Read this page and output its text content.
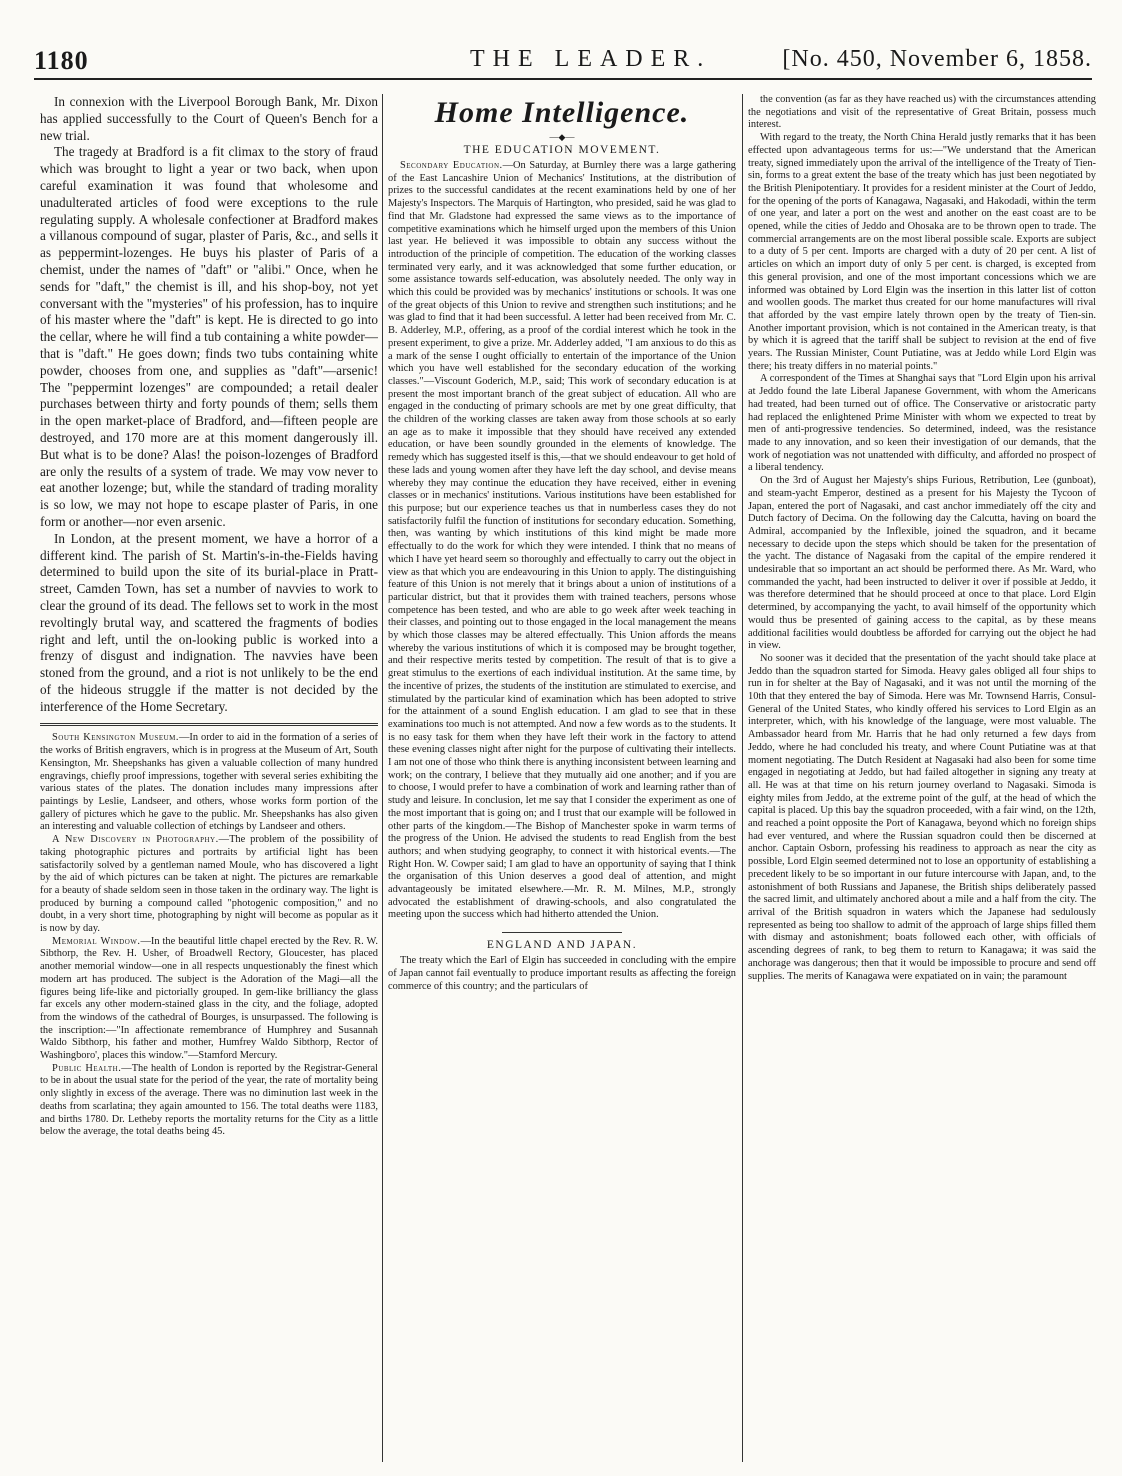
1180	THE LEADER.	[No. 450, November 6, 1858.

In connexion with the Liverpool Borough Bank, Mr. Dixon has applied successfully to the Court of Queen's Bench for a new trial.

The tragedy at Bradford is a fit climax to the story of fraud which was brought to light a year or two back, when upon careful examination it was found that wholesome and unadulterated articles of food were exceptions to the rule regulating supply. A wholesale confectioner at Bradford makes a villanous compound of sugar, plaster of Paris, &c., and sells it as peppermint-lozenges. He buys his plaster of Paris of a chemist, under the names of "daft" or "alibi." Once, when he sends for "daft," the chemist is ill, and his shop-boy, not yet conversant with the "mysteries" of his profession, has to inquire of his master where the "daft" is kept. He is directed to go into the cellar, where he will find a tub containing a white powder—that is "daft." He goes down; finds two tubs containing white powder, chooses from one, and supplies as "daft"—arsenic! The "peppermint lozenges" are compounded; a retail dealer purchases between thirty and forty pounds of them; sells them in the open market-place of Bradford, and—fifteen people are destroyed, and 170 more are at this moment dangerously ill. But what is to be done? Alas! the poison-lozenges of Bradford are only the results of a system of trade. We may vow never to eat another lozenge; but, while the standard of trading morality is so low, we may not hope to escape plaster of Paris, in one form or another—nor even arsenic.

In London, at the present moment, we have a horror of a different kind. The parish of St. Martin's-in-the-Fields having determined to build upon the site of its burial-place in Pratt-street, Camden Town, has set a number of navvies to work to clear the ground of its dead. The fellows set to work in the most revoltingly brutal way, and scattered the fragments of bodies right and left, until the on-looking public is worked into a frenzy of disgust and indignation. The navvies have been stoned from the ground, and a riot is not unlikely to be the end of the hideous struggle if the matter is not decided by the interference of the Home Secretary.

South Kensington Museum.—In order to aid in the formation of a series of the works of British engravers, which is in progress at the Museum of Art, South Kensington, Mr. Sheepshanks has given a valuable collection of many hundred engravings, chiefly proof impressions, together with several series exhibiting the various states of the plates. The donation includes many impressions after paintings by Leslie, Landseer, and others, whose works form portion of the gallery of pictures which he gave to the public. Mr. Sheepshanks has also given an interesting and valuable collection of etchings by Landseer and others.

A New Discovery in Photography.—The problem of the possibility of taking photographic pictures and portraits by artificial light has been satisfactorily solved by a gentleman named Moule, who has discovered a light by the aid of which pictures can be taken at night. The pictures are remarkable for a beauty of shade seldom seen in those taken in the ordinary way. The light is produced by burning a compound called "photogenic composition," and no doubt, in a very short time, photographing by night will become as popular as it is now by day.

Memorial Window.—In the beautiful little chapel erected by the Rev. R. W. Sibthorp, the Rev. H. Usher, of Broadwell Rectory, Gloucester, has placed another memorial window—one in all respects unquestionably the finest which modern art has produced. The subject is the Adoration of the Magi—all the figures being life-like and pictorially grouped. In gem-like brilliancy the glass far excels any other modern-stained glass in the city, and the foliage, adopted from the windows of the cathedral of Bourges, is unsurpassed. The following is the inscription:—"In affectionate remembrance of Humphrey and Susannah Waldo Sibthorp, his father and mother, Humfrey Waldo Sibthorp, Rector of Washingboro', places this window."—Stamford Mercury.

Public Health.—The health of London is reported by the Registrar-General to be in about the usual state for the period of the year, the rate of mortality being only slightly in excess of the average. There was no diminution last week in the deaths from scarlatina; they again amounted to 156. The total deaths were 1183, and births 1780. Dr. Letheby reports the mortality returns for the City as a little below the average, the total deaths being 45.

Home Intelligence.

—◆—

THE EDUCATION MOVEMENT.

Secondary Education.—On Saturday, at Burnley there was a large gathering of the East Lancashire Union of Mechanics' Institutions, at the distribution of prizes to the successful candidates at the recent examinations held by one of her Majesty's Inspectors. The Marquis of Hartington, who presided, said he was glad to find that Mr. Gladstone had expressed the same views as to the importance of competitive examinations which he himself urged upon the members of this Union last year. He believed it was impossible to obtain any success without the introduction of the principle of competition. The education of the working classes terminated very early, and it was acknowledged that some further education, or some assistance towards self-education, was absolutely needed. The only way in which this could be provided was by mechanics' institutions or schools. It was one of the great objects of this Union to revive and strengthen such institutions; and he was glad to find that it had been successful. A letter had been received from Mr. C. B. Adderley, M.P., offering, as a proof of the cordial interest which he took in the present experiment, to give a prize. Mr. Adderley added, "I am anxious to do this as a mark of the sense I ought officially to entertain of the importance of the Union which you have well established for the secondary education of the working classes."—Viscount Goderich, M.P., said; This work of secondary education is at present the most important branch of the great subject of education. All who are engaged in the conducting of primary schools are met by one great difficulty, that the children of the working classes are taken away from those schools at so early an age as to make it impossible that they should have received any extended education, or have been soundly grounded in the elements of knowledge. The remedy which has suggested itself is this,—that we should endeavour to get hold of these lads and young women after they have left the day school, and devise means whereby they may continue the education they have received, either in evening classes or in mechanics' institutions. Various institutions have been established for this purpose; but our experience teaches us that in numberless cases they do not satisfactorily fulfil the function of institutions for secondary education. Something, then, was wanting by which institutions of this kind might be made more effectually to do the work for which they were intended. I think that no means of which I have yet heard seem so thoroughly and effectually to carry out the object in view as that which you are endeavouring in this Union to apply. The distinguishing feature of this Union is not merely that it brings about a union of institutions of a particular district, but that it provides them with trained teachers, persons whose competence has been tested, and who are able to go week after week teaching in their classes, and pointing out to those engaged in the local management the means by which those classes may be altered effectually. This Union affords the means whereby the various institutions of which it is composed may be brought together, and their respective merits tested by competition. The result of that is to give a great stimulus to the exertions of each individual institution. At the same time, by the incentive of prizes, the students of the institution are stimulated to exercise, and stimulated by the particular kind of examination which has been adopted to strive for the attainment of a sound English education. I am glad to see that in these examinations too much is not attempted. And now a few words as to the students. It is no easy task for them when they have left their work in the factory to attend these evening classes night after night for the purpose of cultivating their intellects. I am not one of those who think there is anything inconsistent between learning and work; on the contrary, I believe that they mutually aid one another; and if you are to choose, I would prefer to have a combination of work and learning rather than of study and leisure. In conclusion, let me say that I consider the experiment as one of the most important that is going on; and I trust that our example will be followed in other parts of the kingdom.—The Bishop of Manchester spoke in warm terms of the progress of the Union. He advised the students to read English from the best authors; and when studying geography, to connect it with historical events.—The Right Hon. W. Cowper said; I am glad to have an opportunity of saying that I think the organisation of this Union deserves a good deal of attention, and might advantageously be imitated elsewhere.—Mr. R. M. Milnes, M.P., strongly advocated the establishment of drawing-schools, and also congratulated the meeting upon the success which had hitherto attended the Union.

ENGLAND AND JAPAN.

The treaty which the Earl of Elgin has succeeded in concluding with the empire of Japan cannot fail eventually to produce important results as affecting the foreign commerce of this country; and the particulars of

the convention (as far as they have reached us) with the circumstances attending the negotiations and visit of the representative of Great Britain, possess much interest.

With regard to the treaty, the North China Herald justly remarks that it has been effected upon advantageous terms for us:—"We understand that the American treaty, signed immediately upon the arrival of the intelligence of the Treaty of Tien-sin, forms to a great extent the base of the treaty which has just been negotiated by the British Plenipotentiary. It provides for a resident minister at the Court of Jeddo, for the opening of the ports of Kanagawa, Nagasaki, and Hakodadi, within the term of one year, and later a port on the west and another on the east coast are to be opened, while the cities of Jeddo and Ohosaka are to be thrown open to trade. The commercial arrangements are on the most liberal possible scale. Exports are subject to a duty of 5 per cent. Imports are charged with a duty of 20 per cent. A list of articles on which an import duty of only 5 per cent. is charged, is excepted from this general provision, and one of the most important concessions which we are informed was obtained by Lord Elgin was the insertion in this latter list of cotton and woollen goods. The market thus created for our home manufactures will rival that afforded by the vast empire lately thrown open by the treaty of Tien-sin. Another important provision, which is not contained in the American treaty, is that by which it is agreed that the tariff shall be subject to revision at the end of five years. The Russian Minister, Count Putiatine, was at Jeddo while Lord Elgin was there; his treaty differs in no material points."

A correspondent of the Times at Shanghai says that "Lord Elgin upon his arrival at Jeddo found the late Liberal Japanese Government, with whom the Americans had treated, had been turned out of office. The Conservative or aristocratic party had replaced the enlightened Prime Minister with whom we expected to treat by men of anti-progressive tendencies. So determined, indeed, was the resistance made to any innovation, and so keen their investigation of our demands, that the work of negotiation was not unattended with difficulty, and afforded no prospect of a liberal tendency.

On the 3rd of August her Majesty's ships Furious, Retribution, Lee (gunboat), and steam-yacht Emperor, destined as a present for his Majesty the Tycoon of Japan, entered the port of Nagasaki, and cast anchor immediately off the city and Dutch factory of Decima. On the following day the Calcutta, having on board the Admiral, accompanied by the Inflexible, joined the squadron, and it became necessary to decide upon the steps which should be taken for the presentation of the yacht. The distance of Nagasaki from the capital of the empire rendered it undesirable that so important an act should be performed there. As Mr. Ward, who commanded the yacht, had been instructed to deliver it over if possible at Jeddo, it was therefore determined that he should proceed at once to that place. Lord Elgin determined, by accompanying the yacht, to avail himself of the opportunity which would thus be presented of gaining access to the capital, as by these means additional facilities would doubtless be afforded for carrying out the object he had in view.

No sooner was it decided that the presentation of the yacht should take place at Jeddo than the squadron started for Simoda. Heavy gales obliged all four ships to run in for shelter at the Bay of Nagasaki, and it was not until the morning of the 10th that they entered the bay of Simoda. Here was Mr. Townsend Harris, Consul-General of the United States, who kindly offered his services to Lord Elgin as an interpreter, which, with his knowledge of the language, were most valuable. The Ambassador heard from Mr. Harris that he had only returned a few days from Jeddo, where he had concluded his treaty, and where Count Putiatine was at that moment negotiating. The Dutch Resident at Nagasaki had also been for some time engaged in negotiating at Jeddo, but had failed altogether in signing any treaty at all. He was at that time on his return journey overland to Nagasaki. Simoda is eighty miles from Jeddo, at the extreme point of the gulf, at the head of which the capital is placed. Up this bay the squadron proceeded, with a fair wind, on the 12th, and reached a point opposite the Port of Kanagawa, beyond which no foreign ships had ever ventured, and where the Russian squadron could then be discerned at anchor. Captain Osborn, professing his readiness to approach as near the city as possible, Lord Elgin seemed determined not to lose an opportunity of establishing a precedent likely to be so important in our future intercourse with Japan, and, to the astonishment of both Russians and Japanese, the British ships deliberately passed the sacred limit, and ultimately anchored about a mile and a half from the city. The arrival of the British squadron in waters which the Japanese had sedulously represented as being too shallow to admit of the approach of large ships filled them with dismay and astonishment; boats followed each other, with officials of ascending degrees of rank, to beg them to return to Kanagawa; it was said the anchorage was dangerous; then that it would be impossible to procure and send off supplies. The merits of Kanagawa were expatiated on in vain; the paramount
